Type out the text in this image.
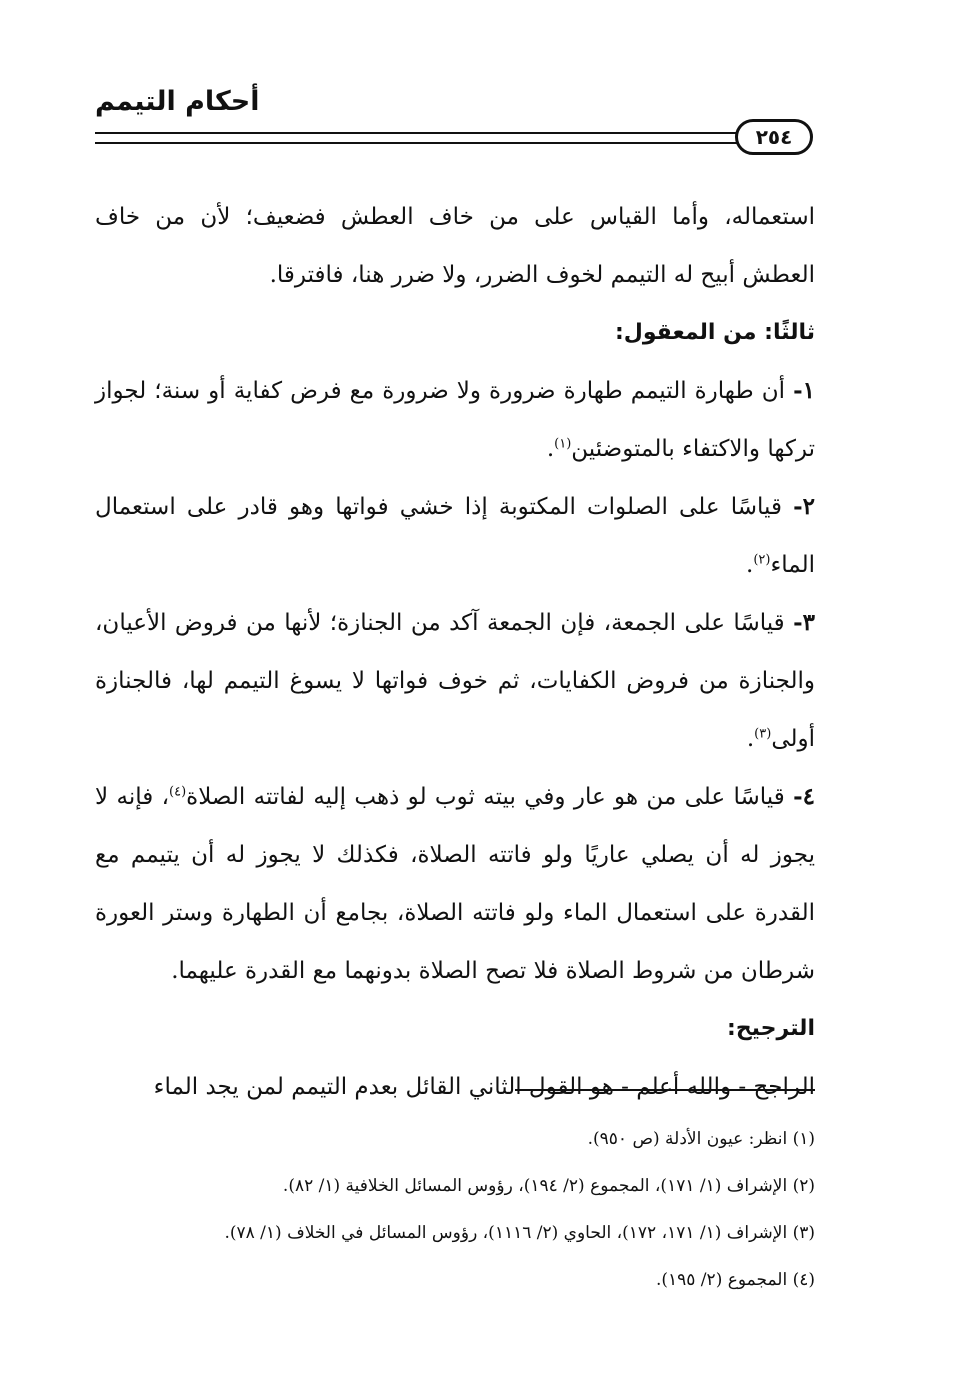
أحكام التيمم
٢٥٤

استعماله، وأما القياس على من خاف العطش فضعيف؛ لأن من خاف العطش أبيح له التيمم لخوف الضرر، ولا ضرر هنا، فافترقا.

ثالثًا: من المعقول:

١- أن طهارة التيمم طهارة ضرورة ولا ضرورة مع فرض كفاية أو سنة؛ لجواز تركها والاكتفاء بالمتوضئين$^{(١)}$.

٢- قياسًا على الصلوات المكتوبة إذا خشي فواتها وهو قادر على استعمال الماء$^{(٢)}$.

٣- قياسًا على الجمعة، فإن الجمعة آكد من الجنازة؛ لأنها من فروض الأعيان، والجنازة من فروض الكفايات، ثم خوف فواتها لا يسوغ التيمم لها، فالجنازة أولى$^{(٣)}$.

٤- قياسًا على من هو عار وفي بيته ثوب لو ذهب إليه لفاتته الصلاة$^{(٤)}$، فإنه لا يجوز له أن يصلي عاريًا ولو فاتته الصلاة، فكذلك لا يجوز له أن يتيمم مع القدرة على استعمال الماء ولو فاتته الصلاة، بجامع أن الطهارة وستر العورة شرطان من شروط الصلاة فلا تصح الصلاة بدونهما مع القدرة عليهما.

الترجيح:

الراجح - والله أعلم - هو القول الثاني القائل بعدم التيمم لمن يجد الماء

(١) انظر: عيون الأدلة (ص ٩٥٠).

(٢) الإشراف (١/ ١٧١)، المجموع (٢/ ١٩٤)، رؤوس المسائل الخلافية (١/ ٨٢).

(٣) الإشراف (١/ ١٧١، ١٧٢)، الحاوي (٢/ ١١١٦)، رؤوس المسائل في الخلاف (١/ ٧٨).

(٤) المجموع (٢/ ١٩٥).
